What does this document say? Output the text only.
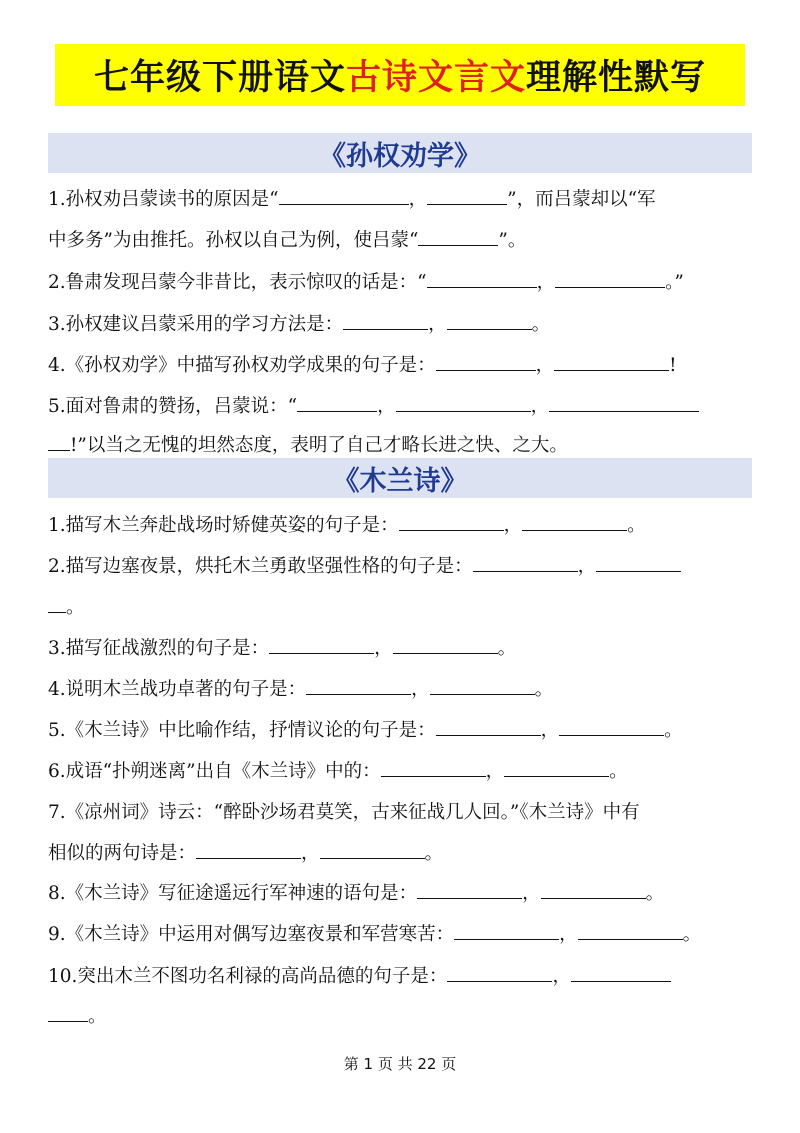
七年级下册语文 古诗文言文 理解性默写
《孙权劝学》
1.孙权劝吕蒙读书的原因是“	，	”，而吕蒙却以“军
中多务”为由推托。孙权以自己为例，使吕蒙“	”。
2.鲁肃发现吕蒙今非昔比，表示惊叹的话是：“	，	。”
3.孙权建议吕蒙采用的学习方法是：	，	。
4.《孙权劝学》中描写孙权劝学成果的句子是：	，	!
5.面对鲁肃的赞扬，吕蒙说：“	，	，
!”以当之无愧的坦然态度，表明了自己才略长进之快、之大。
《木兰诗》
1.描写木兰奔赴战场时矫健英姿的句子是：	，	。
2.描写边塞夜景，烘托木兰勇敢坚强性格的句子是：	，
。
3.描写征战激烈的句子是：	，	。
4.说明木兰战功卓著的句子是：	，	。
5.《木兰诗》中比喻作结，抒情议论的句子是：	，	。
6.成语“扑朔迷离”出自《木兰诗》中的：	，	。
7.《凉州词》诗云：“醉卧沙场君莫笑，古来征战几人回。”《木兰诗》中有
相似的两句诗是：	，	。
8.《木兰诗》写征途遥远行军神速的语句是：	，	。
9.《木兰诗》中运用对偶写边塞夜景和军营寒苦：	，	。
10.突出木兰不图功名利禄的高尚品德的句子是：	，
。
第 1 页 共 22 页
